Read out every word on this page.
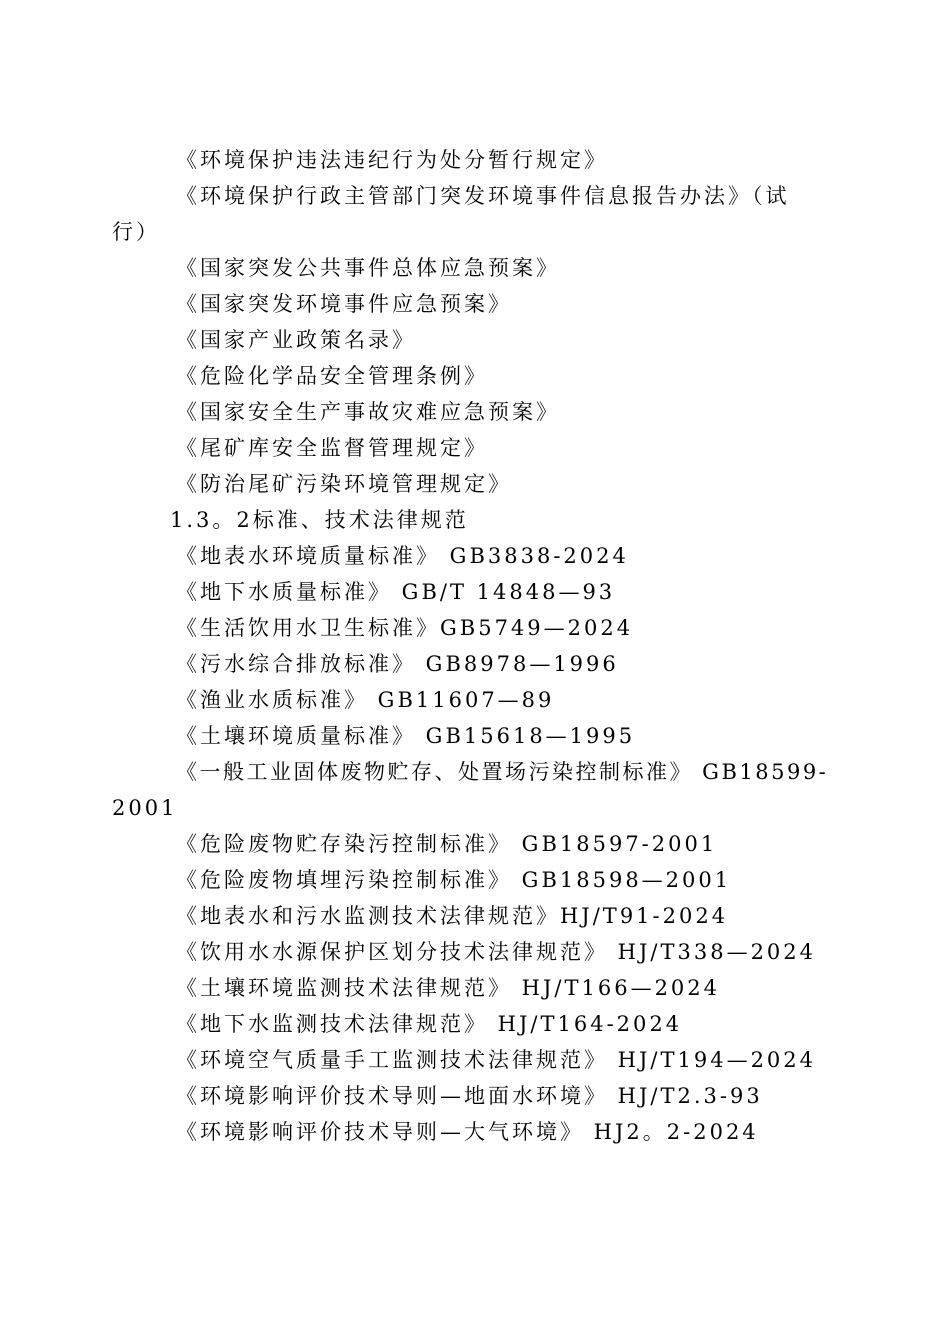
《环境保护违法违纪行为处分暂行规定》
《环境保护行政主管部门突发环境事件信息报告办法》（试
行）
《国家突发公共事件总体应急预案》
《国家突发环境事件应急预案》
《国家产业政策名录》
《危险化学品安全管理条例》
《国家安全生产事故灾难应急预案》
《尾矿库安全监督管理规定》
《防治尾矿污染环境管理规定》
1.3。2标准、技术法律规范
《地表水环境质量标准》 GB3838-2024
《地下水质量标准》 GB/T 14848—93
《生活饮用水卫生标准》GB5749—2024
《污水综合排放标准》 GB8978—1996
《渔业水质标准》 GB11607—89
《土壤环境质量标准》 GB15618—1995
《一般工业固体废物贮存、处置场污染控制标准》 GB18599-
2001
《危险废物贮存染污控制标准》 GB18597-2001
《危险废物填埋污染控制标准》 GB18598—2001
《地表水和污水监测技术法律规范》HJ/T91-2024
《饮用水水源保护区划分技术法律规范》 HJ/T338—2024
《土壤环境监测技术法律规范》 HJ/T166—2024
《地下水监测技术法律规范》 HJ/T164-2024
《环境空气质量手工监测技术法律规范》 HJ/T194—2024
《环境影响评价技术导则—地面水环境》 HJ/T2.3-93
《环境影响评价技术导则—大气环境》 HJ2。2-2024
